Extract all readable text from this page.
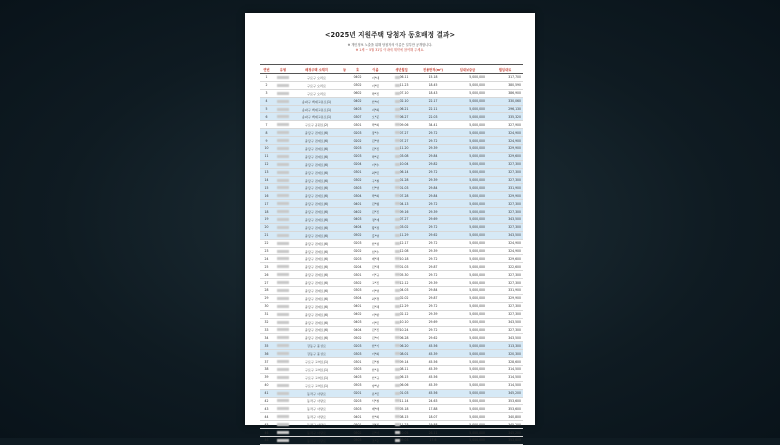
<2025년 지원주택 당첨자 동호배정 결과>
※ 개인정보 노출을 위해 당첨자의 이름은 일부만 공개합니다.
※ 1세 ~ 5월 31일 이내에 계약에 참여해 주세요.
연번	유형	배정주택 소재지	동	호	이름	생년월일	전용면적(m²)	임대보증금	월임대료
1		구로구 오리로		0402	이*대	06.11	15.18	5,000,000	317,700
2		구로구 오리로		0302	이*민	11.23	18.45	5,000,000	380,590
3		구로구 오리로		0602	박*진	07.10	18.43	5,000,000	386,900
4		송파구 백제고분로(1)		0402	안*미	02.10	22.17	5,000,000	330,060
5		송파구 백제고분로(1)		0403	지*희	06.21	22.11	5,000,000	296,130
6		송파구 백제고분로(1)		0307	오*준	06.27	22.03	5,000,000	335,320
7		구로구 공원로(2)		0301	박*희	09.06	34.41	5,000,000	327,900
8		중랑구 겸재로(6)		0203	장*수	07.27	29.72	5,000,000	324,900
9		중랑구 겸재로(6)		0202	김*영	07.27	29.72	5,000,000	324,900
10		중랑구 겸재로(6)		0203	김*진	11.20	29.39	5,000,000	329,900
11		중랑구 겸재로(6)		0203	박*준	03.08	29.84	5,000,000	329,600
12		중랑구 겸재로(6)		0204	이*수	10.04	29.82	5,000,000	327,300
13		중랑구 겸재로(6)		0301	최*민	06.14	29.72	5,000,000	327,300
14		중랑구 겸재로(6)		0302	구*철	01.28	29.39	5,000,000	327,300
15		중랑구 겸재로(6)		0303	신*영	01.03	29.84	5,000,000	331,900
16		중랑구 겸재로(6)		0304	박*희	07.28	29.84	5,000,000	329,900
17		중랑구 겸재로(6)		0401	김*형	04.13	29.72	5,000,000	327,300
18		중랑구 겸재로(6)		0402	김*진	09.16	29.39	5,000,000	327,300
19		중랑구 겸재로(6)		0403	정*재	07.27	29.69	5,000,000	343,500
20		중랑구 겸재로(6)		0404	황*정	03.02	29.72	5,000,000	327,300
21		중랑구 겸재로(6)		0502	홍*영	11.29	29.62	5,000,000	343,500
22		중랑구 겸재로(6)		0203	한*섭	12.17	29.72	5,000,000	324,900
23		중랑구 겸재로(6)		0202	임*수	12.08	29.39	5,000,000	324,900
24		중랑구 겸재로(6)		0203	배*혜	10.18	29.72	5,000,000	329,600
25		중랑구 겸재로(6)		0204	김*혜	01.03	29.87	5,000,000	322,600
26		중랑구 겸재로(6)		0301	이*규	05.30	29.72	5,000,000	327,300
27		중랑구 겸재로(6)		0302	고*진	12.12	29.39	5,000,000	327,300
28		중랑구 겸재로(6)		0303	이*영	04.03	29.84	5,000,000	331,900
29		중랑구 겸재로(6)		0304	최*경	02.02	29.87	5,000,000	329,900
30		중랑구 겸재로(6)		0401	김*혜	12.29	29.72	5,000,000	327,300
31		중랑구 겸재로(6)		0402	이*환	02.12	29.39	5,000,000	327,300
32		중랑구 겸재로(6)		0403	이*민	10.10	29.69	5,000,000	343,500
33		중랑구 겸재로(6)		0404	김*진	10.24	29.72	5,000,000	327,300
34		중랑구 겸재로(6)		0502	김*미	06.28	29.62	5,000,000	343,500
35		강동구 풍성로		0203	한*기	06.20	45.56	5,000,000	313,300
36		강동구 풍성로		0303	이*희	08.01	45.39	5,000,000	320,300
37		구로구 고척로(1)		0301	김*철	09.14	45.56	5,000,000	328,600
38		구로구 고척로(1)		0303	한*용	08.11	45.39	5,000,000	314,500
39		구로구 고척로(1)		0403	안*규	06.15	45.56	5,000,000	314,500
40		구로구 고척로(1)		0503	양*남	06.06	45.39	5,000,000	314,500
41		동작구 사당로		0201	유*민	01.03	45.56	5,000,000	345,200
42		동작구 사당로		0203	서*철	11.14	24.63	5,000,000	353,600
43		동작구 사당로		0303	배*배	05.18	17.88	5,000,000	353,600
44		동작구 사당로		0401	한*희	08.15	18.07	5,000,000	340,800
45		동작구 사당로		0501	정*진	11.23	19.88	5,000,000	345,200
46		동작구 사당로		0502	김*아	10.05	26.11	5,000,000	345,200
46		동작구 사당로		0503	조*순	09.03	17.6	5,000,000	353,600
